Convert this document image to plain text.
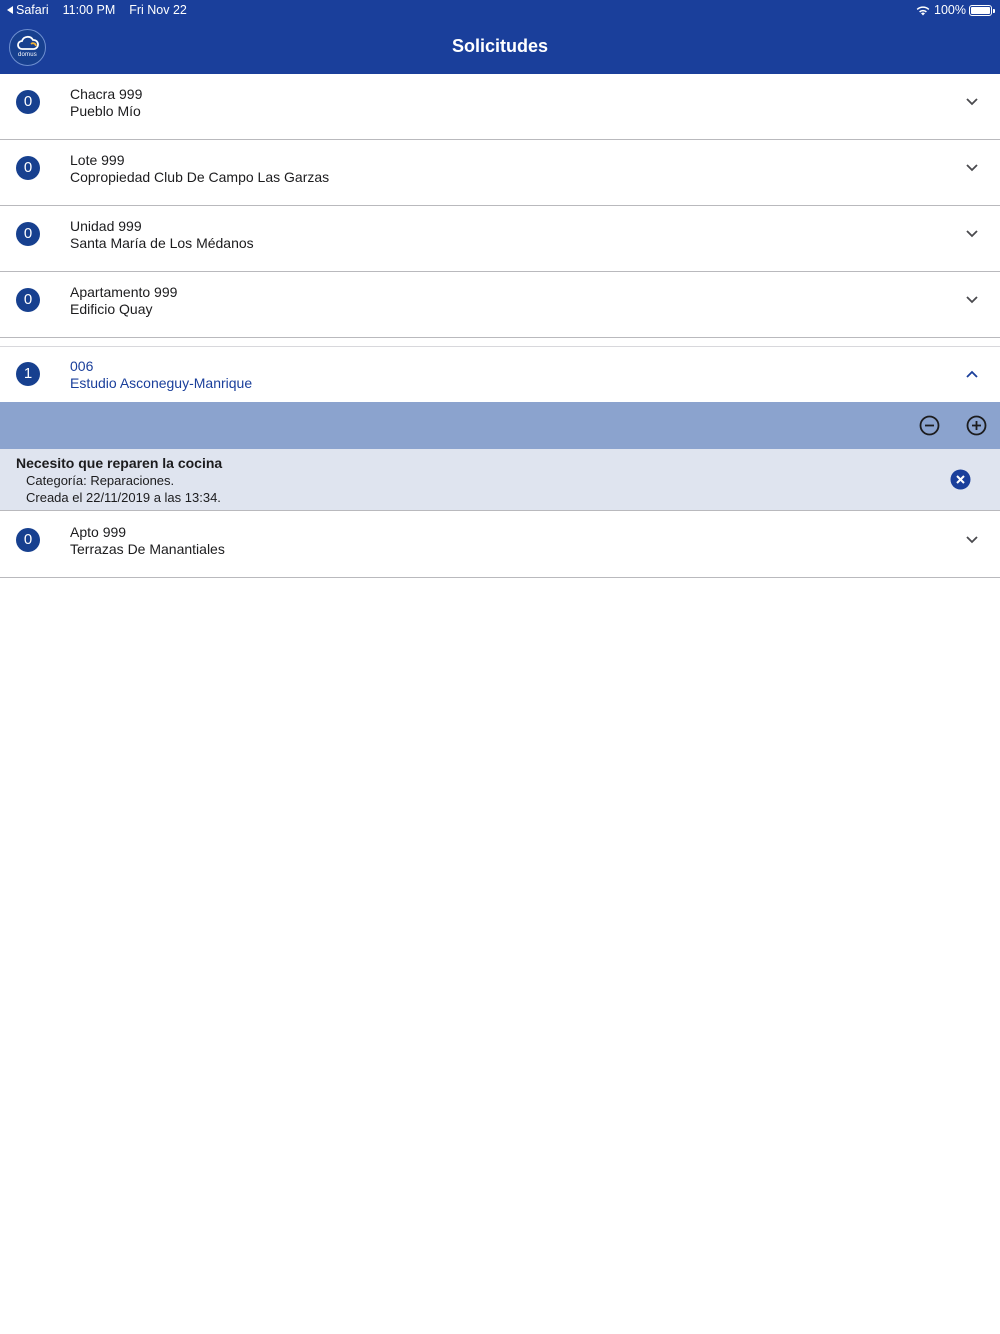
Safari 11:00 PM Fri Nov 22	100%
domus	Solicitudes
0	Chacra 999
Pueblo Mío
0	Lote 999
Copropiedad Club De Campo Las Garzas
0	Unidad 999
Santa María de Los Médanos
0	Apartamento 999
Edificio Quay
1	006
Estudio Asconeguy-Manrique
Necesito que reparen la cocina
Categoría: Reparaciones.
Creada el 22/11/2019 a las 13:34.
0	Apto 999
Terrazas De Manantiales
